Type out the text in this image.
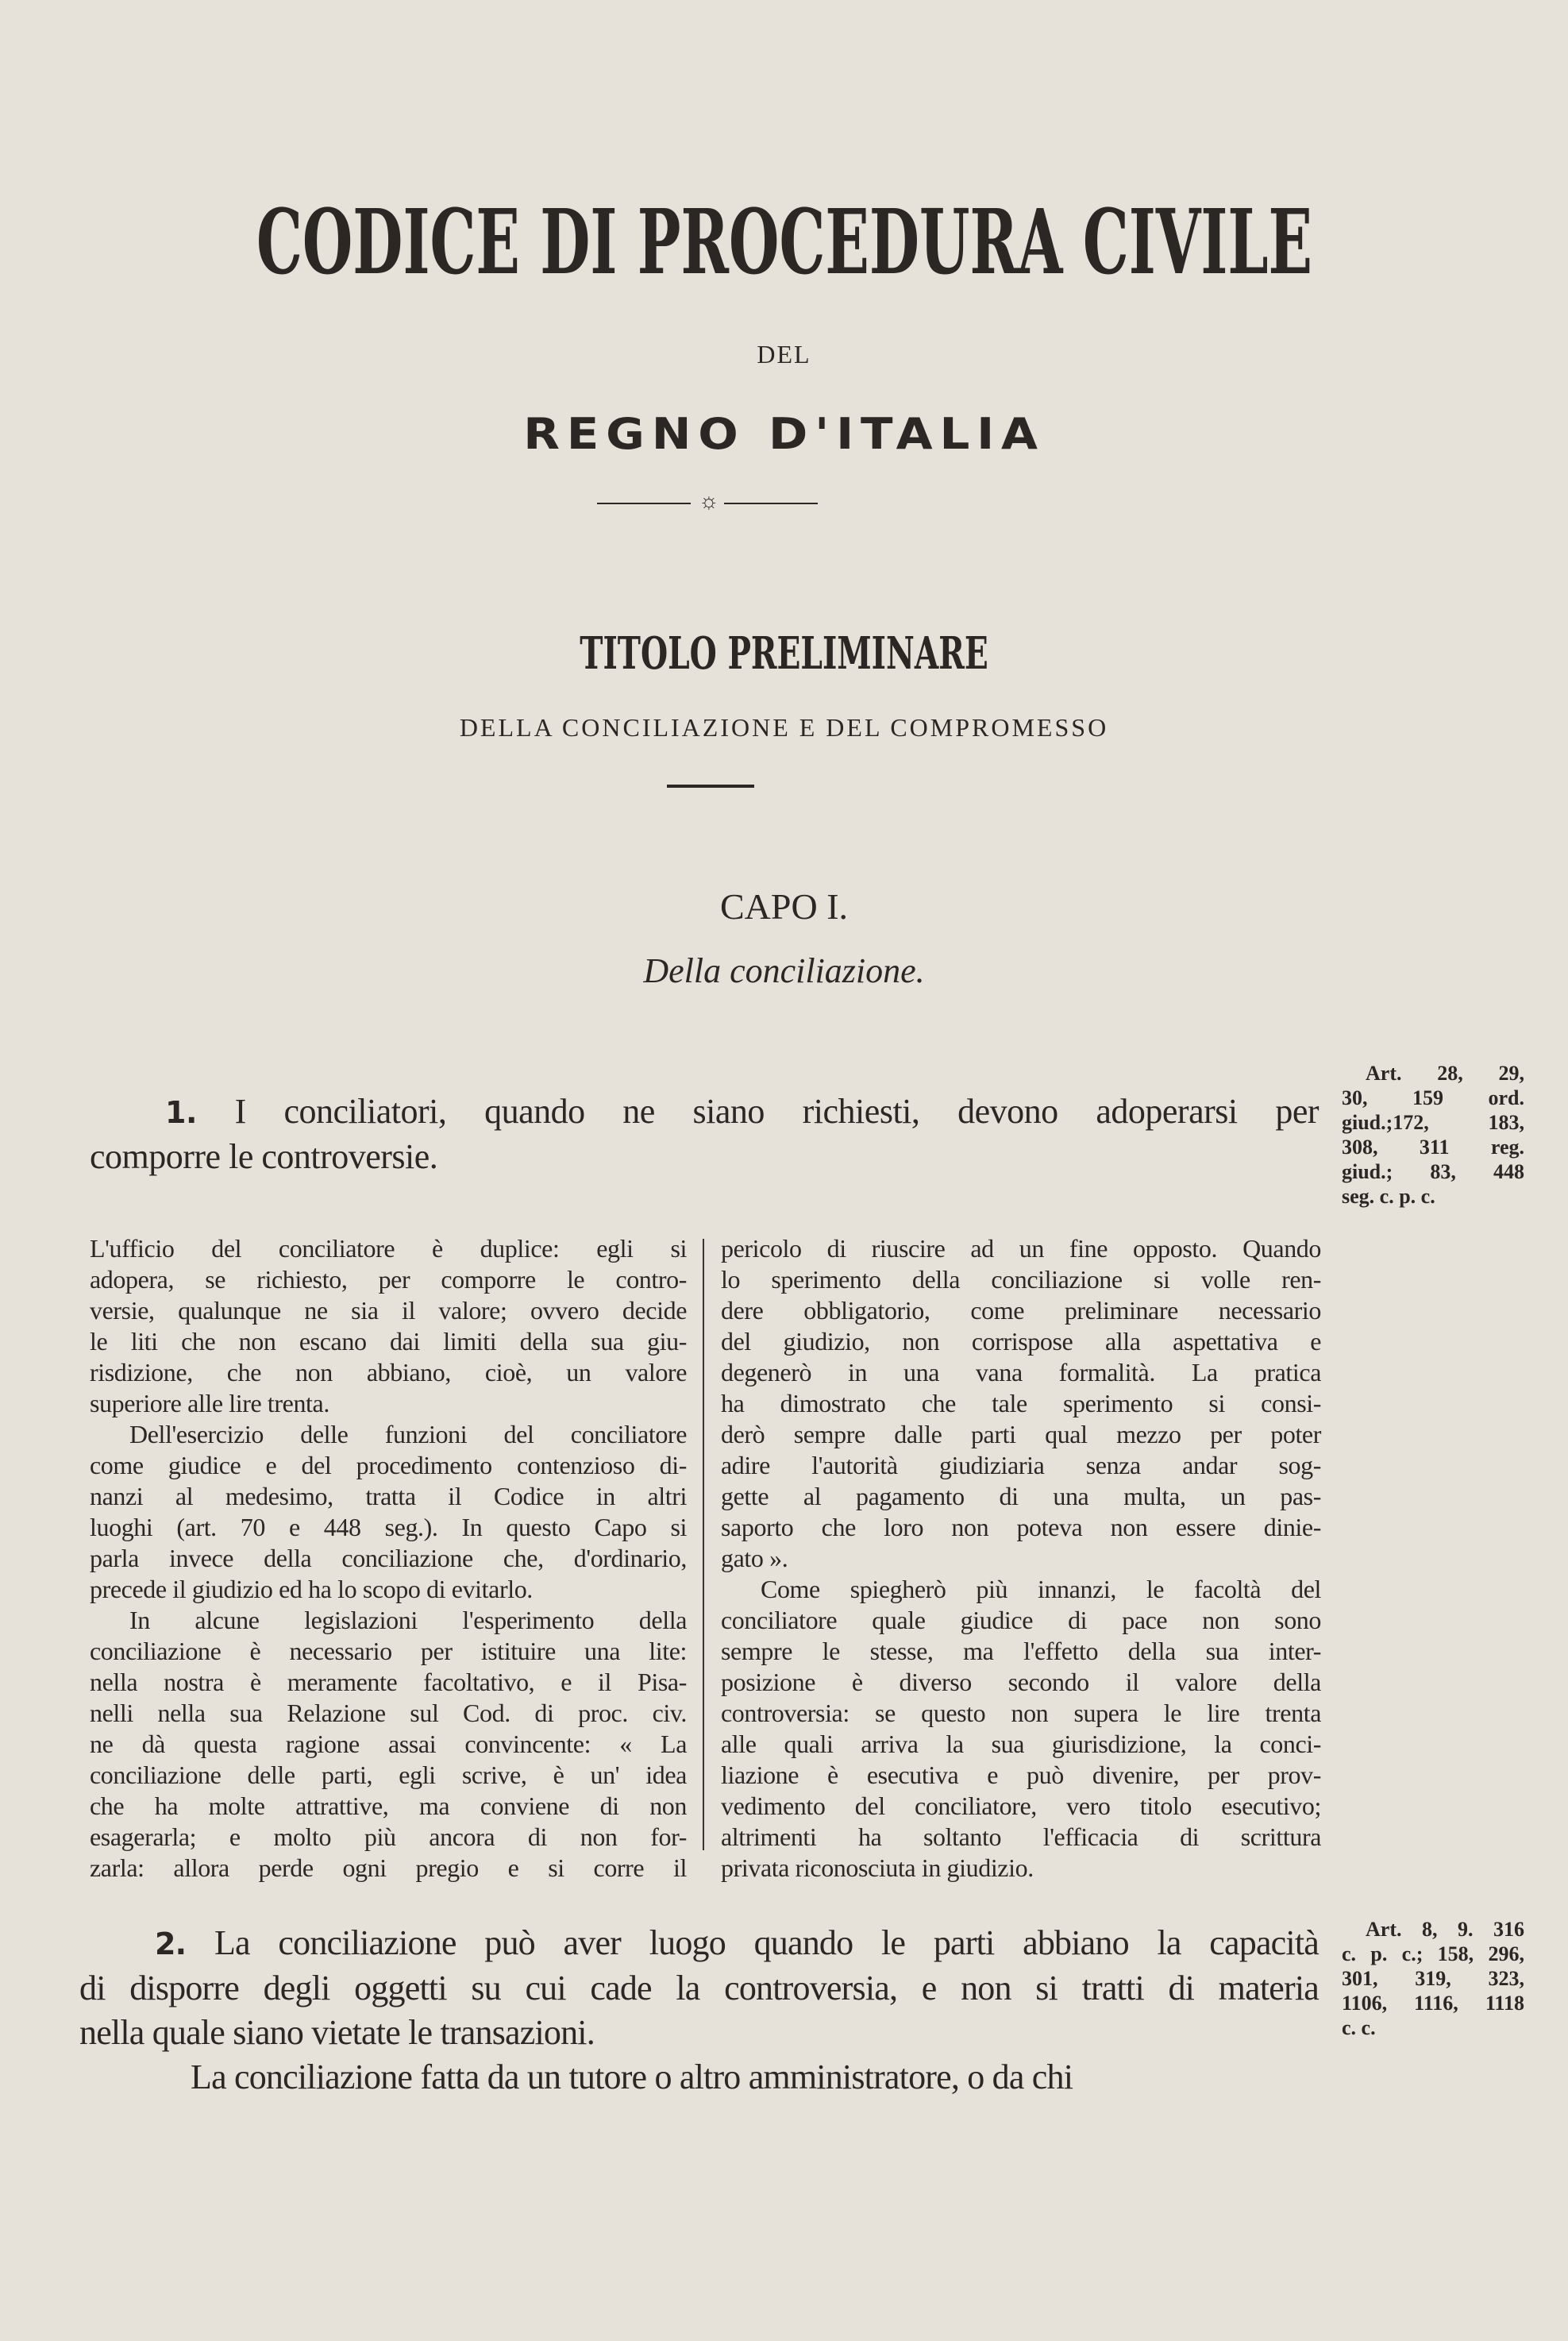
CODICE DI PROCEDURA CIVILE
DEL
REGNO D'ITALIA
☼
TITOLO PRELIMINARE
DELLA CONCILIAZIONE E DEL COMPROMESSO
CAPO I.
Della conciliazione.
1. I conciliatori, quando ne siano richiesti, devono adoperarsi per
comporre le controversie.
Art. 28, 29,
30, 159 ord.
giud.;172, 183,
308, 311 reg.
giud.; 83, 448
seg. c. p. c.
L'ufficio del conciliatore è duplice: egli si
adopera, se richiesto, per comporre le contro-
versie, qualunque ne sia il valore; ovvero decide
le liti che non escano dai limiti della sua giu-
risdizione, che non abbiano, cioè, un valore
superiore alle lire trenta.
Dell'esercizio delle funzioni del conciliatore
come giudice e del procedimento contenzioso di-
nanzi al medesimo, tratta il Codice in altri
luoghi (art. 70 e 448 seg.). In questo Capo si
parla invece della conciliazione che, d'ordinario,
precede il giudizio ed ha lo scopo di evitarlo.
In alcune legislazioni l'esperimento della
conciliazione è necessario per istituire una lite:
nella nostra è meramente facoltativo, e il Pisa-
nelli nella sua Relazione sul Cod. di proc. civ.
ne dà questa ragione assai convincente: « La
conciliazione delle parti, egli scrive, è un' idea
che ha molte attrattive, ma conviene di non
esagerarla; e molto più ancora di non for-
zarla: allora perde ogni pregio e si corre il
pericolo di riuscire ad un fine opposto. Quando
lo sperimento della conciliazione si volle ren-
dere obbligatorio, come preliminare necessario
del giudizio, non corrispose alla aspettativa e
degenerò in una vana formalità. La pratica
ha dimostrato che tale sperimento si consi-
derò sempre dalle parti qual mezzo per poter
adire l'autorità giudiziaria senza andar sog-
gette al pagamento di una multa, un pas-
saporto che loro non poteva non essere dinie-
gato ».
Come spiegherò più innanzi, le facoltà del
conciliatore quale giudice di pace non sono
sempre le stesse, ma l'effetto della sua inter-
posizione è diverso secondo il valore della
controversia: se questo non supera le lire trenta
alle quali arriva la sua giurisdizione, la conci-
liazione è esecutiva e può divenire, per prov-
vedimento del conciliatore, vero titolo esecutivo;
altrimenti ha soltanto l'efficacia di scrittura
privata riconosciuta in giudizio.
2. La conciliazione può aver luogo quando le parti abbiano la capacità
di disporre degli oggetti su cui cade la controversia, e non si tratti di materia
nella quale siano vietate le transazioni.
La conciliazione fatta da un tutore o altro amministratore, o da chi
Art. 8, 9. 316
c. p. c.; 158, 296,
301, 319, 323,
1106, 1116, 1118
c. c.
